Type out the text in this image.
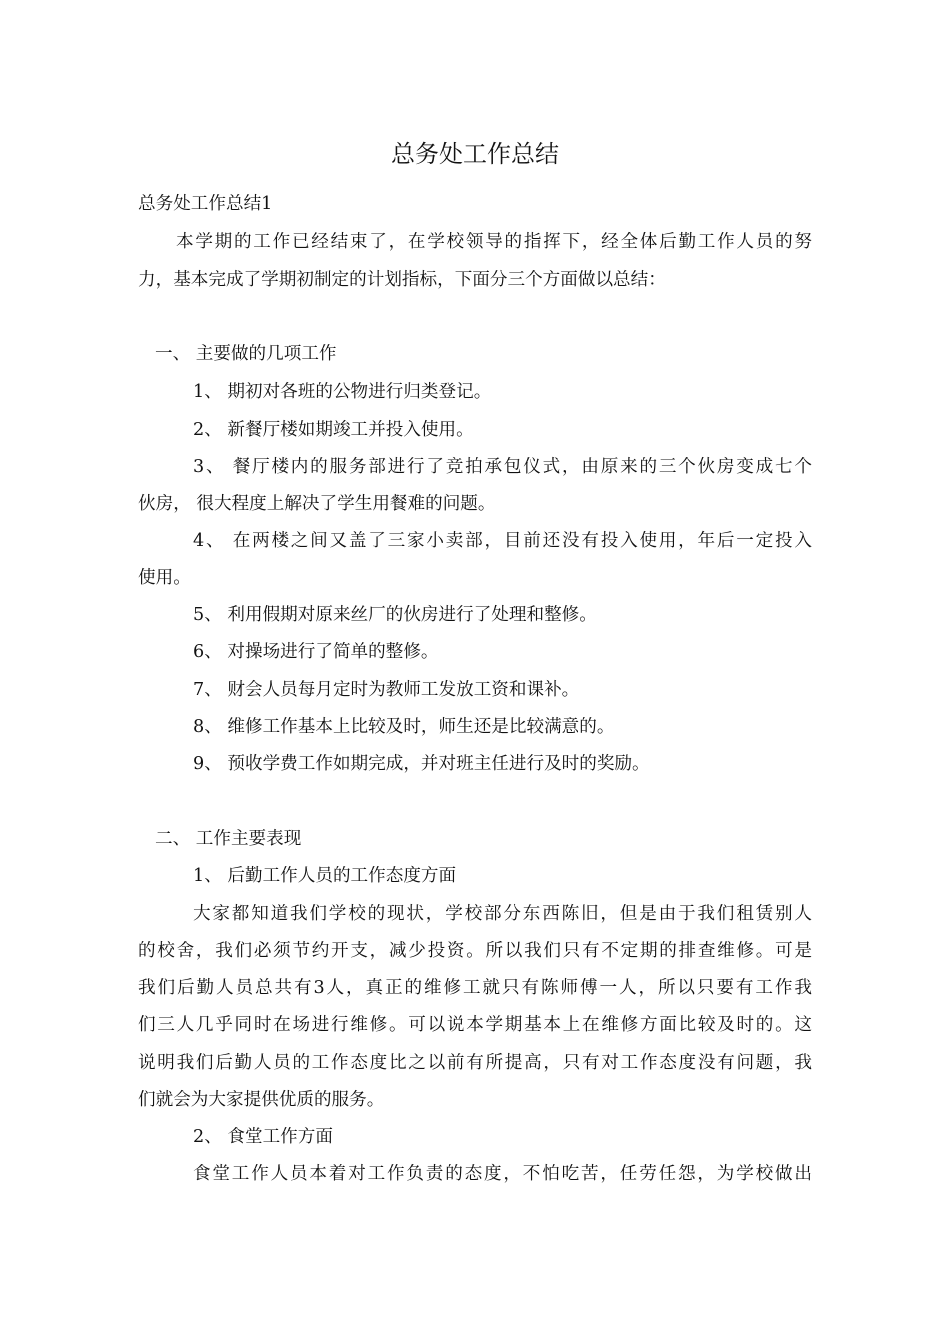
总务处工作总结
总务处工作总结1
本学期的工作已经结束了，在学校领导的指挥下，经全体后勤工作人员的努
力，基本完成了学期初制定的计划指标，下面分三个方面做以总结：
一、 主要做的几项工作
1、 期初对各班的公物进行归类登记。
2、 新餐厅楼如期竣工并投入使用。
3、 餐厅楼内的服务部进行了竞拍承包仪式，由原来的三个伙房变成七个
伙房， 很大程度上解决了学生用餐难的问题。
4、 在两楼之间又盖了三家小卖部，目前还没有投入使用，年后一定投入
使用。
5、 利用假期对原来丝厂的伙房进行了处理和整修。
6、 对操场进行了简单的整修。
7、 财会人员每月定时为教师工发放工资和课补。
8、 维修工作基本上比较及时，师生还是比较满意的。
9、 预收学费工作如期完成，并对班主任进行及时的奖励。
二、 工作主要表现
1、 后勤工作人员的工作态度方面
大家都知道我们学校的现状，学校部分东西陈旧，但是由于我们租赁别人
的校舍，我们必须节约开支，减少投资。所以我们只有不定期的排查维修。可是
我们后勤人员总共有3人，真正的维修工就只有陈师傅一人，所以只要有工作我
们三人几乎同时在场进行维修。可以说本学期基本上在维修方面比较及时的。这
说明我们后勤人员的工作态度比之以前有所提高，只有对工作态度没有问题，我
们就会为大家提供优质的服务。
2、 食堂工作方面
食堂工作人员本着对工作负责的态度，不怕吃苦，任劳任怨，为学校做出
